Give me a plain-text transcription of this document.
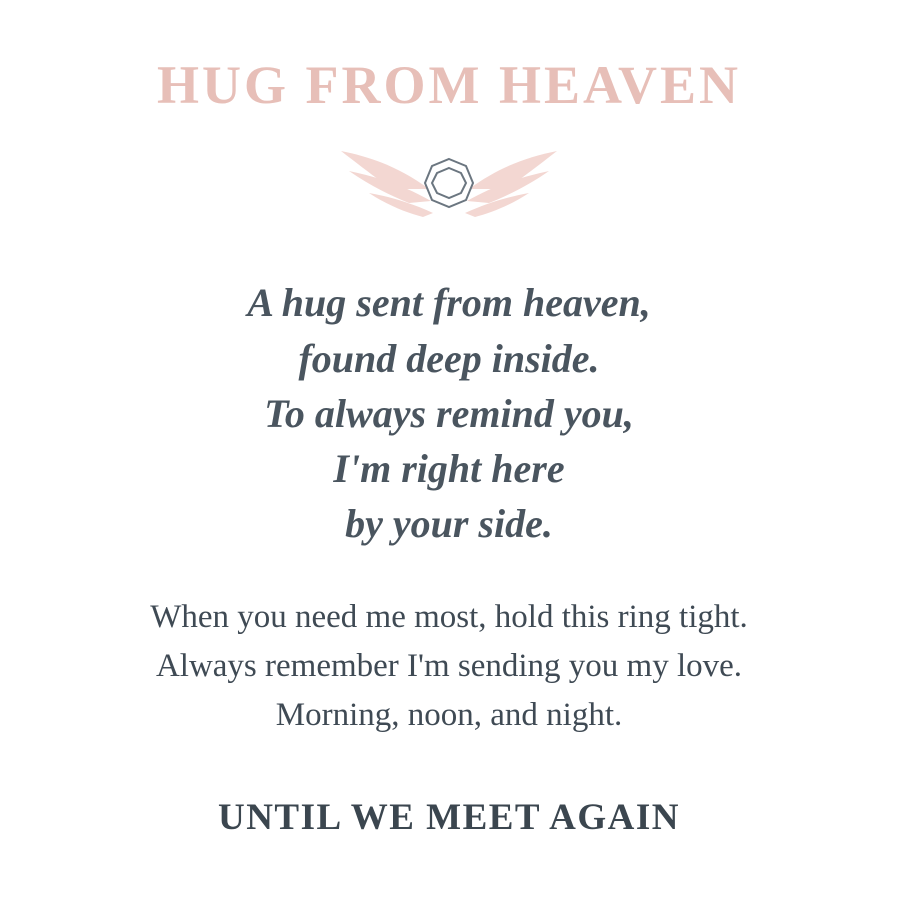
HUG FROM HEAVEN
A hug sent from heaven,
found deep inside.
To always remind you,
I'm right here
by your side.
When you need me most, hold this ring tight.
Always remember I'm sending you my love.
Morning, noon, and night.
UNTIL WE MEET AGAIN
